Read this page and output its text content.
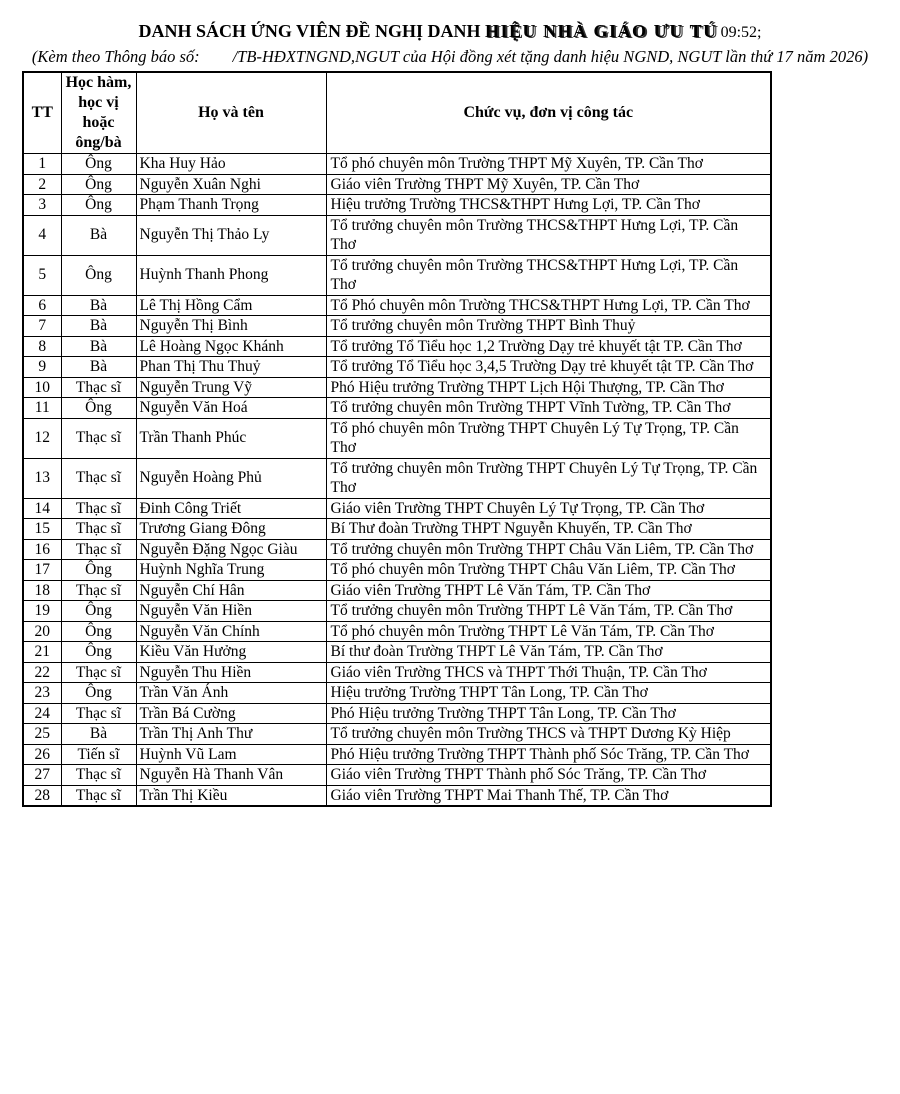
DANH SÁCH ỨNG VIÊN ĐỀ NGHỊ DANH HIỆU NHÀ GIÁO ƯU TÚ 09:52;
(Kèm theo Thông báo số:        /TB-HĐXTNGND,NGUT của Hội đồng xét tặng danh hiệu NGND, NGUT lần thứ 17 năm 2026)
TT	Học hàm, học vị hoặc ông/bà	Họ và tên	Chức vụ, đơn vị công tác
1	Ông	Kha Huy Hảo	Tổ phó chuyên môn Trường THPT Mỹ Xuyên, TP. Cần Thơ
2	Ông	Nguyễn Xuân Nghi	Giáo viên Trường THPT Mỹ Xuyên, TP. Cần Thơ
3	Ông	Phạm Thanh Trọng	Hiệu trưởng Trường THCS&THPT Hưng Lợi, TP. Cần Thơ
4	Bà	Nguyễn Thị Thảo Ly	Tổ trưởng chuyên môn Trường THCS&THPT Hưng Lợi, TP. Cần Thơ
5	Ông	Huỳnh Thanh Phong	Tổ trưởng chuyên môn Trường THCS&THPT Hưng Lợi, TP. Cần Thơ
6	Bà	Lê Thị Hồng Cẩm	Tổ Phó chuyên môn Trường THCS&THPT Hưng Lợi, TP. Cần Thơ
7	Bà	Nguyễn Thị Bình	Tổ trưởng chuyên môn Trường THPT Bình Thuỷ
8	Bà	Lê Hoàng Ngọc Khánh	Tổ trưởng Tổ Tiểu học 1,2 Trường Dạy trẻ khuyết tật TP. Cần Thơ
9	Bà	Phan Thị Thu Thuỷ	Tổ trưởng Tổ Tiểu học 3,4,5 Trường Dạy trẻ khuyết tật TP. Cần Thơ
10	Thạc sĩ	Nguyễn Trung Vỹ	Phó Hiệu trưởng Trường THPT Lịch Hội Thượng, TP. Cần Thơ
11	Ông	Nguyễn Văn Hoá	Tổ trưởng chuyên môn Trường THPT Vĩnh Tường, TP. Cần Thơ
12	Thạc sĩ	Trần Thanh Phúc	Tổ phó chuyên môn Trường THPT Chuyên Lý Tự Trọng, TP. Cần Thơ
13	Thạc sĩ	Nguyễn Hoàng Phủ	Tổ trưởng chuyên môn Trường THPT Chuyên Lý Tự Trọng, TP. Cần Thơ
14	Thạc sĩ	Đinh Công Triết	Giáo viên Trường THPT Chuyên Lý Tự Trọng, TP. Cần Thơ
15	Thạc sĩ	Trương Giang Đông	Bí Thư đoàn Trường THPT Nguyễn Khuyến, TP. Cần Thơ
16	Thạc sĩ	Nguyễn Đặng Ngọc Giàu	Tổ trưởng chuyên môn Trường THPT Châu Văn Liêm, TP. Cần Thơ
17	Ông	Huỳnh Nghĩa Trung	Tổ phó chuyên môn Trường THPT Châu Văn Liêm, TP. Cần Thơ
18	Thạc sĩ	Nguyễn Chí Hân	Giáo viên Trường THPT Lê Văn Tám, TP. Cần Thơ
19	Ông	Nguyễn Văn Hiền	Tổ trưởng chuyên môn Trường THPT Lê Văn Tám, TP. Cần Thơ
20	Ông	Nguyễn Văn Chính	Tổ phó chuyên môn Trường THPT Lê Văn Tám, TP. Cần Thơ
21	Ông	Kiều Văn Hưởng	Bí thư đoàn Trường THPT Lê Văn Tám, TP. Cần Thơ
22	Thạc sĩ	Nguyễn Thu Hiền	Giáo viên Trường THCS và THPT Thới Thuận, TP. Cần Thơ
23	Ông	Trần Văn Ánh	Hiệu trưởng Trường THPT Tân Long, TP. Cần Thơ
24	Thạc sĩ	Trần Bá Cường	Phó Hiệu trưởng Trường THPT Tân Long, TP. Cần Thơ
25	Bà	Trần Thị Anh Thư	Tổ trưởng chuyên môn Trường THCS và THPT Dương Kỳ Hiệp
26	Tiến sĩ	Huỳnh Vũ Lam	Phó Hiệu trưởng Trường THPT Thành phố Sóc Trăng, TP. Cần Thơ
27	Thạc sĩ	Nguyễn Hà Thanh Vân	Giáo viên Trường THPT Thành phố Sóc Trăng, TP. Cần Thơ
28	Thạc sĩ	Trần Thị Kiều	Giáo viên Trường THPT Mai Thanh Thế, TP. Cần Thơ
